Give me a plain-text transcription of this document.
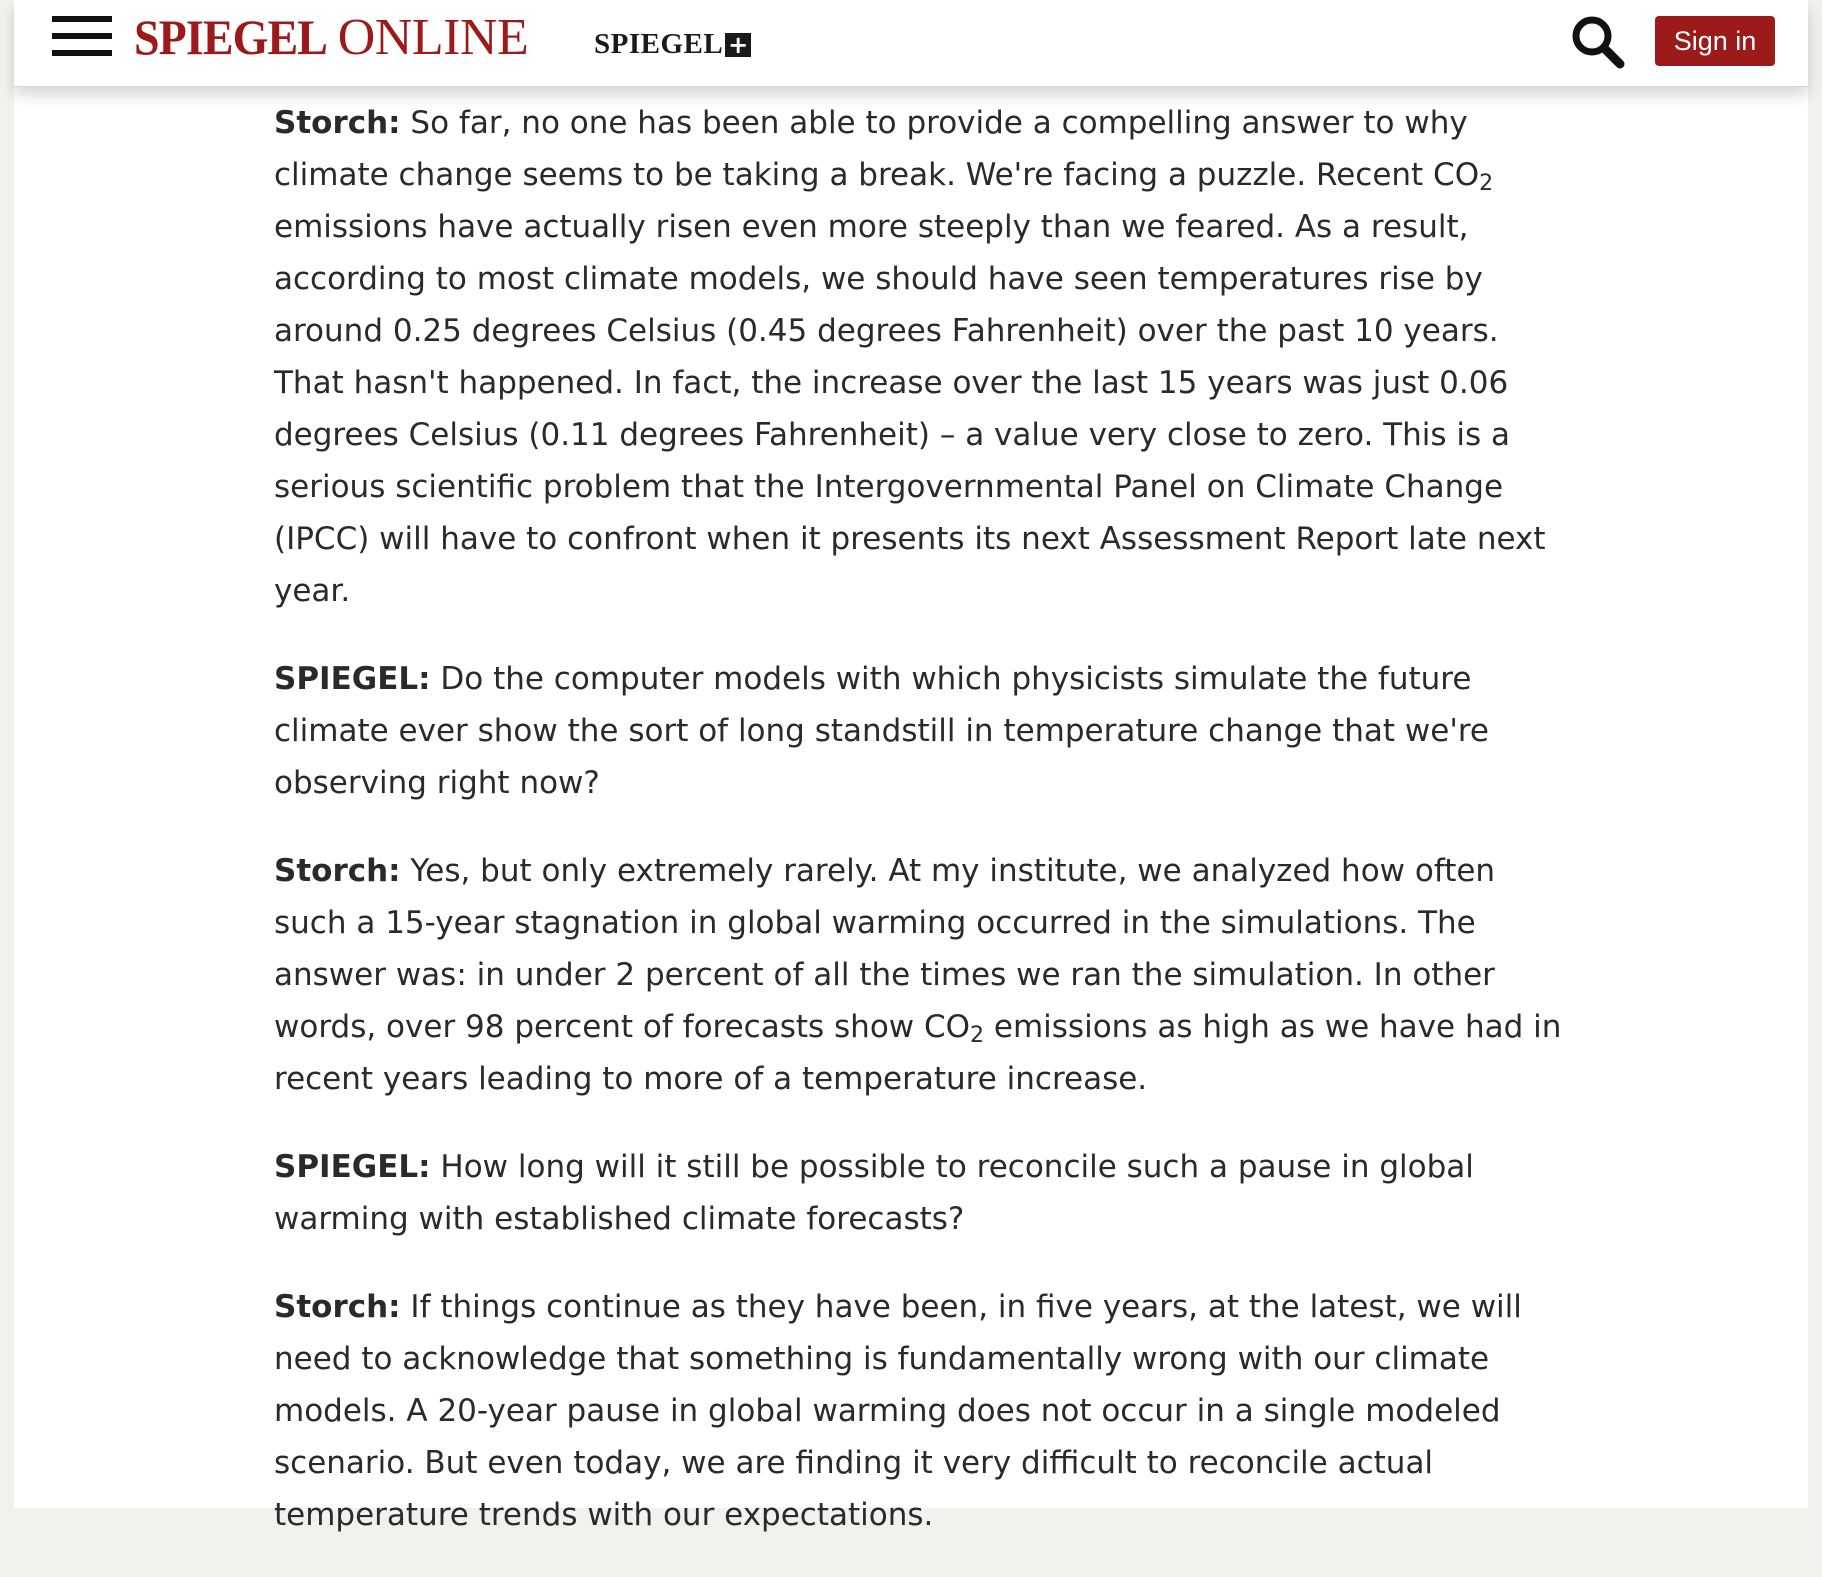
SPIEGEL ONLINE SPIEGEL +	Sign in

Storch: So far, no one has been able to provide a compelling answer to why climate change seems to be taking a break. We're facing a puzzle. Recent $CO_2$ emissions have actually risen even more steeply than we feared. As a result, according to most climate models, we should have seen temperatures rise by around 0.25 degrees Celsius (0.45 degrees Fahrenheit) over the past 10 years. That hasn't happened. In fact, the increase over the last 15 years was just 0.06 degrees Celsius (0.11 degrees Fahrenheit) – a value very close to zero. This is a serious scientific problem that the Intergovernmental Panel on Climate Change (IPCC) will have to confront when it presents its next Assessment Report late next year.

SPIEGEL: Do the computer models with which physicists simulate the future climate ever show the sort of long standstill in temperature change that we're observing right now?

Storch: Yes, but only extremely rarely. At my institute, we analyzed how often such a 15-year stagnation in global warming occurred in the simulations. The answer was: in under 2 percent of all the times we ran the simulation. In other words, over 98 percent of forecasts show $CO_2$ emissions as high as we have had in recent years leading to more of a temperature increase.

SPIEGEL: How long will it still be possible to reconcile such a pause in global warming with established climate forecasts?

Storch: If things continue as they have been, in five years, at the latest, we will need to acknowledge that something is fundamentally wrong with our climate models. A 20-year pause in global warming does not occur in a single modeled scenario. But even today, we are finding it very difficult to reconcile actual temperature trends with our expectations.
